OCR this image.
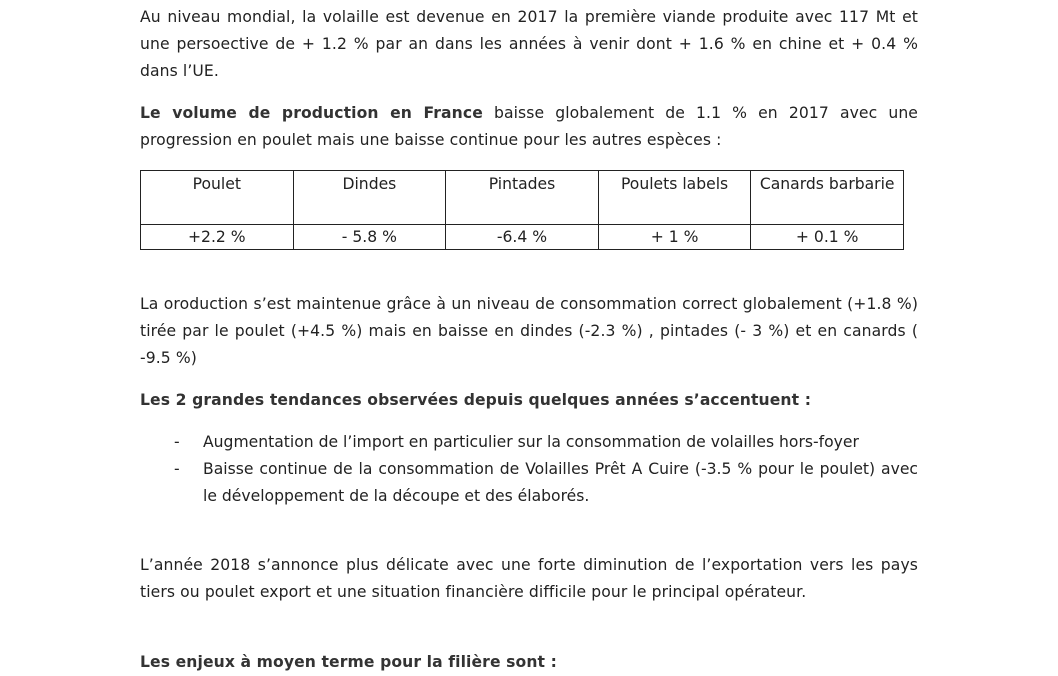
Au niveau mondial, la volaille est devenue en 2017 la première viande produite avec 117 Mt et une persoective de + 1.2 % par an dans les années à venir dont + 1.6 % en chine et + 0.4 % dans l’UE.

Le volume de production en France baisse globalement de 1.1 % en 2017 avec une progression en poulet mais une baisse continue pour les autres espèces :

Poulet	Dindes	Pintades	Poulets labels	Canards barbarie
+2.2 %	- 5.8 %	-6.4 %	+ 1 %	+ 0.1 %

La oroduction s’est maintenue grâce à un niveau de consommation correct globalement (+1.8 %) tirée par le poulet (+4.5 %) mais en baisse en dindes (-2.3 %) , pintades (- 3 %) et en canards ( -9.5 %)

Les 2 grandes tendances observées depuis quelques années s’accentuent :

- Augmentation de l’import en particulier sur la consommation de volailles hors-foyer
- Baisse continue de la consommation de Volailles Prêt A Cuire (-3.5 % pour le poulet) avec le développement de la découpe et des élaborés.

L’année 2018 s’annonce plus délicate avec une forte diminution de l’exportation vers les pays tiers ou poulet export et une situation financière difficile pour le principal opérateur.

Les enjeux à moyen terme pour la filière sont :
